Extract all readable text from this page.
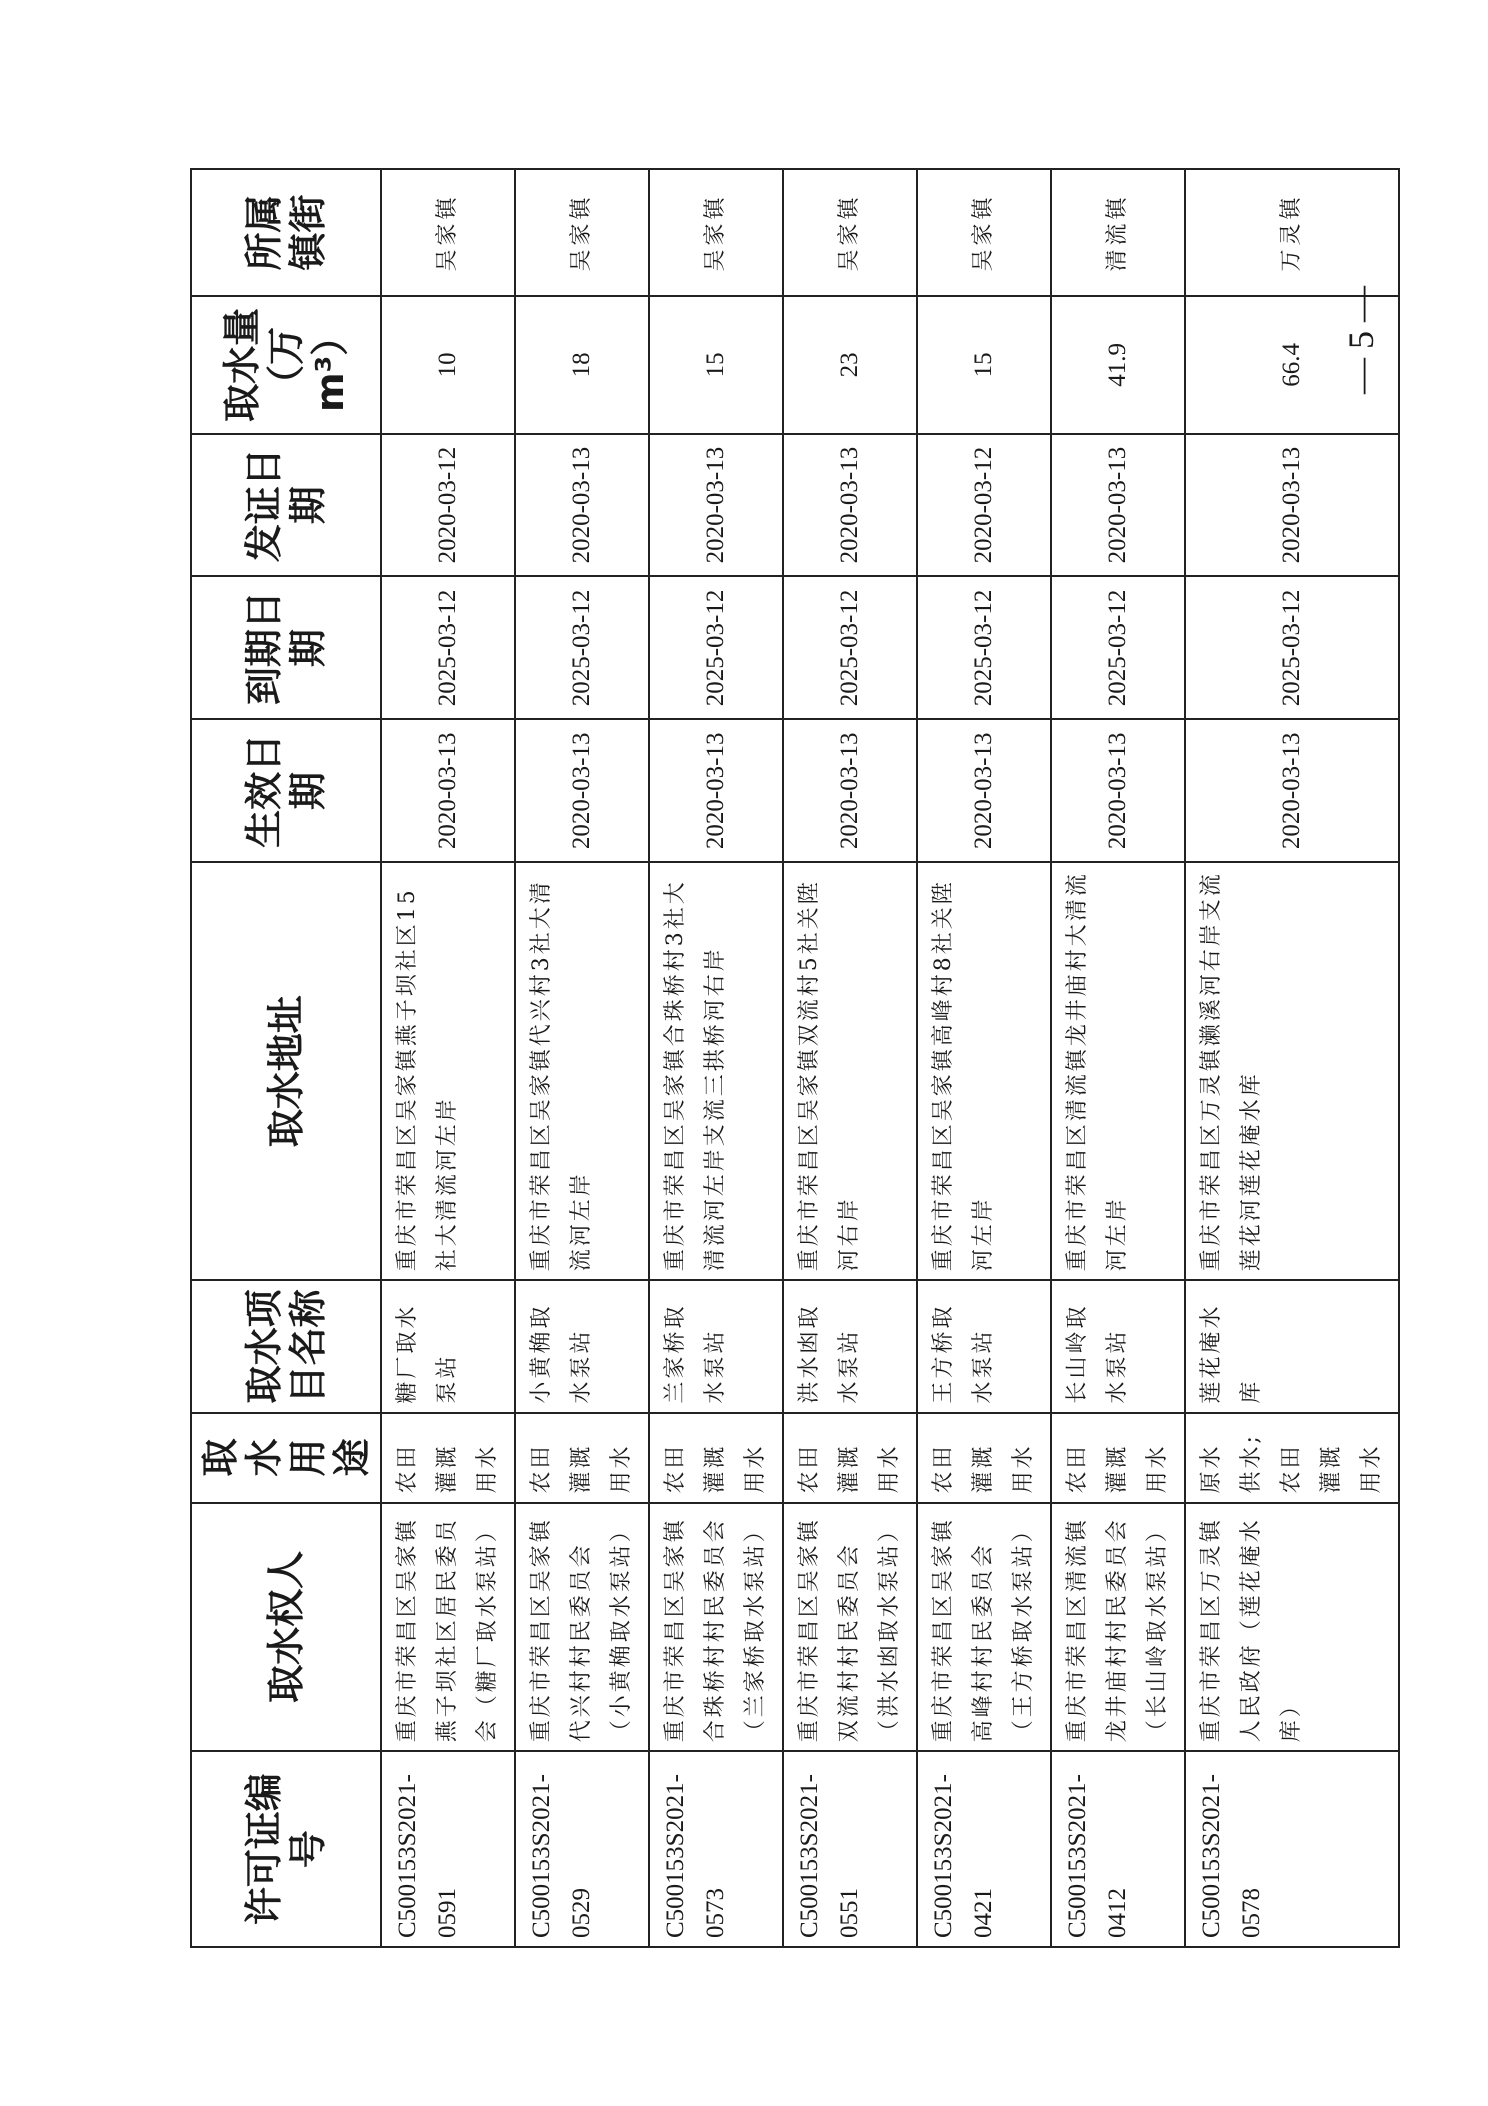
许可证编号	取水权人	取水用途	取水项目名称	取水地址	生效日期	到期日期	发证日期	取水量（万m³）	所属镇街
C500153S2021-0591	重庆市荣昌区吴家镇燕子坝社区居民委员会（糖厂取水泵站）	农田灌溉用水	糖厂取水泵站	重庆市荣昌区吴家镇燕子坝社区15社大清流河左岸	2020-03-13	2025-03-12	2020-03-12	10	吴家镇
C500153S2021-0529	重庆市荣昌区吴家镇代兴村村民委员会（小黄桷取水泵站）	农田灌溉用水	小黄桷取水泵站	重庆市荣昌区吴家镇代兴村3社大清流河左岸	2020-03-13	2025-03-12	2020-03-13	18	吴家镇
C500153S2021-0573	重庆市荣昌区吴家镇合珠桥村村民委员会（兰家桥取水泵站）	农田灌溉用水	兰家桥取水泵站	重庆市荣昌区吴家镇合珠桥村3社大清流河左岸支流三拱桥河右岸	2020-03-13	2025-03-12	2020-03-13	15	吴家镇
C500153S2021-0551	重庆市荣昌区吴家镇双流村村民委员会（洪水凼取水泵站）	农田灌溉用水	洪水凼取水泵站	重庆市荣昌区吴家镇双流村5社关陞河右岸	2020-03-13	2025-03-12	2020-03-13	23	吴家镇
C500153S2021-0421	重庆市荣昌区吴家镇高峰村村民委员会（王方桥取水泵站）	农田灌溉用水	王方桥取水泵站	重庆市荣昌区吴家镇高峰村8社关陞河左岸	2020-03-13	2025-03-12	2020-03-12	15	吴家镇
C500153S2021-0412	重庆市荣昌区清流镇龙井庙村村民委员会（长山岭取水泵站）	农田灌溉用水	长山岭取水泵站	重庆市荣昌区清流镇龙井庙村大清流河左岸	2020-03-13	2025-03-12	2020-03-13	41.9	清流镇
C500153S2021-0578	重庆市荣昌区万灵镇人民政府（莲花庵水库）	原水供水;农田灌溉用水	莲花庵水库	重庆市荣昌区万灵镇濑溪河右岸支流莲花河莲花庵水库	2020-03-13	2025-03-12	2020-03-13	66.4	万灵镇
— 5 —
